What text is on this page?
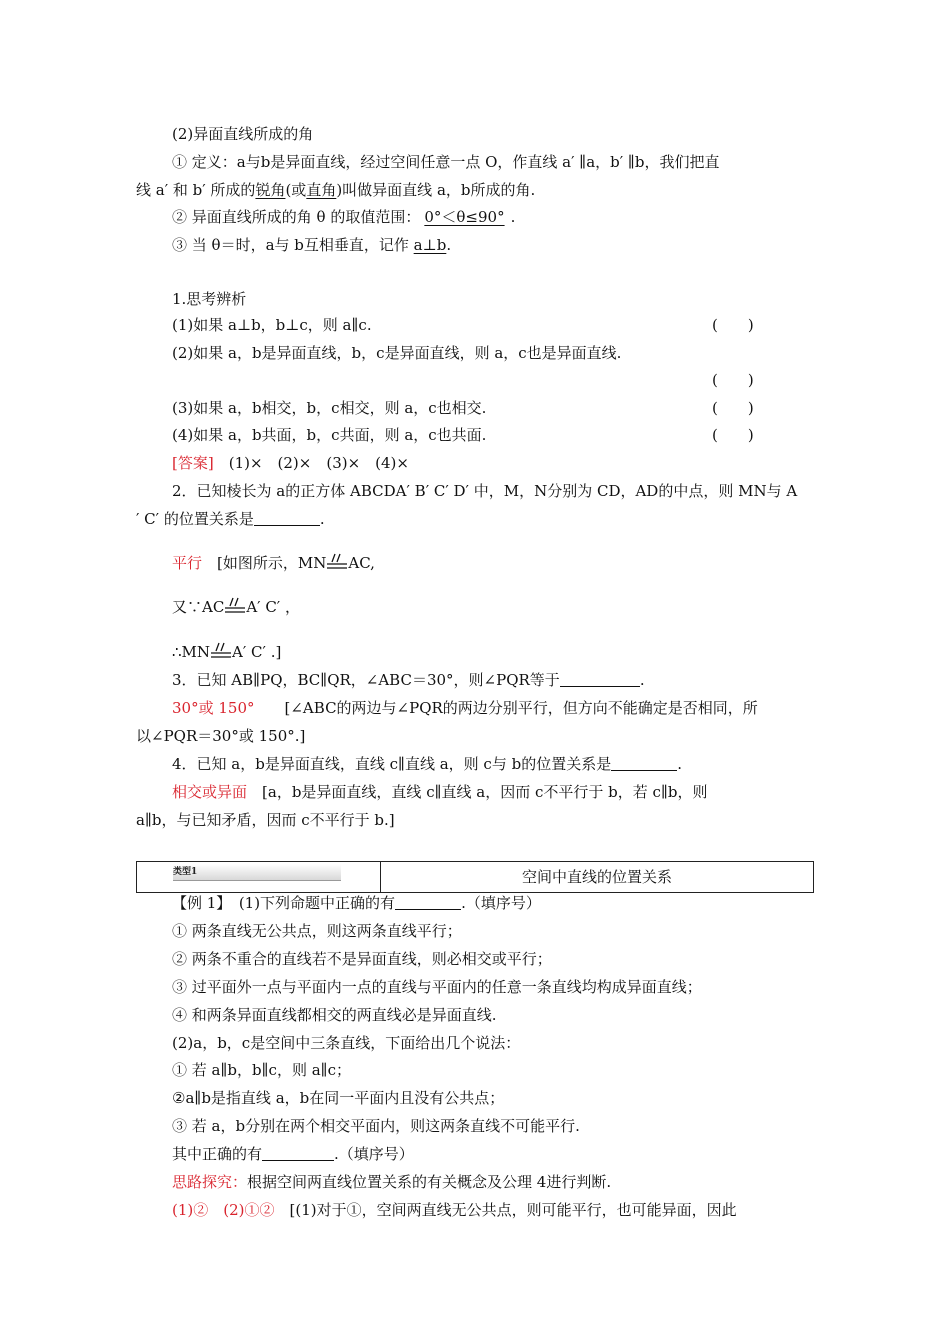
(2)异面直线所成的角
① 定义：a与b是异面直线，经过空间任意一点 O，作直线 a′ ∥a，b′ ∥b，我们把直
线 a′ 和 b′ 所成的锐角(或直角)叫做异面直线 a，b所成的角.
② 异面直线所成的角 θ 的取值范围： 0°＜θ≤90° .
③ 当 θ＝时，a与 b互相垂直，记作 a⊥b.
1.思考辨析
(1)如果 a⊥b，b⊥c，则 a∥c.	(　　)
(2)如果 a，b是异面直线，b，c是异面直线，则 a，c也是异面直线.
(　　)
(3)如果 a，b相交，b，c相交，则 a，c也相交.	(　　)
(4)如果 a，b共面，b，c共面，则 a，c也共面.	(　　)
[答案]　(1)×　(2)×　(3)×　(4)×
2．已知棱长为 a的正方体 ABCDA′ B′ C′ D′ 中，M，N分别为 CD，AD的中点，则 MN与 A
′ C′ 的位置关系是	.
平行　 [如图所示，MN AC,
又∵AC A′ C′ ，
∴MN A′ C′ .]
3．已知 AB∥PQ，BC∥QR，∠ABC＝30°，则∠PQR等于	.
30°或 150°　　 [∠ABC的两边与∠PQR的两边分别平行，但方向不能确定是否相同，所
以∠PQR＝30°或 150°.]
4．已知 a，b是异面直线，直线 c∥直线 a，则 c与 b的位置关系是	.
相交或异面　 [a，b是异面直线，直线 c∥直线 a，因而 c不平行于 b，若 c∥b，则
a∥b，与已知矛盾，因而 c不平行于 b.]
类型1	空间中直线的位置关系
【例 1】　(1)下列命题中正确的有	.（填序号）
① 两条直线无公共点，则这两条直线平行；
② 两条不重合的直线若不是异面直线，则必相交或平行；
③ 过平面外一点与平面内一点的直线与平面内的任意一条直线均构成异面直线；
④ 和两条异面直线都相交的两直线必是异面直线.
(2)a，b，c是空间中三条直线，下面给出几个说法：
① 若 a∥b，b∥c，则 a∥c；
②a∥b是指直线 a，b在同一平面内且没有公共点；
③ 若 a，b分别在两个相交平面内，则这两条直线不可能平行.
其中正确的有	.（填序号）
思路探究：根据空间两直线位置关系的有关概念及公理 4进行判断.
(1)②　(2)①②　 [(1)对于①，空间两直线无公共点，则可能平行，也可能异面，因此
